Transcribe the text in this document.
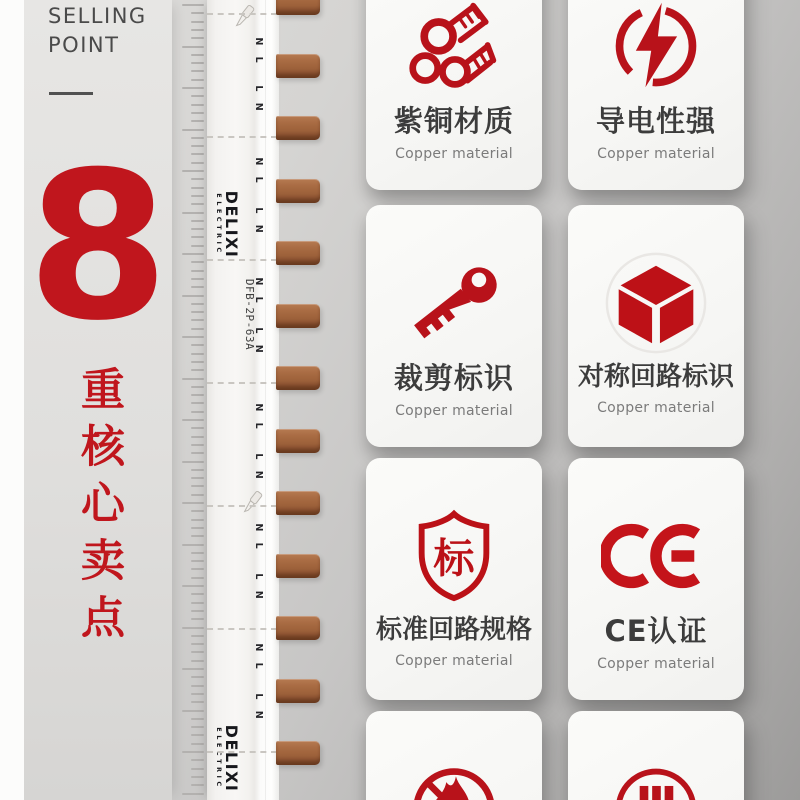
SELLING
POINT
8
重核心卖点
DELIXI
ELECTRIC
DELIXI
ELECTRIC
DFB-2P-63A
N L
L N
N L
L N
N L
L N
N L
L N
N L
L N
N L
L N
紫铜材质
Copper material
导电性强
Copper material
裁剪标识
Copper material
对称回路标识
Copper material
标
标准回路规格
Copper material
CE认证
Copper material
